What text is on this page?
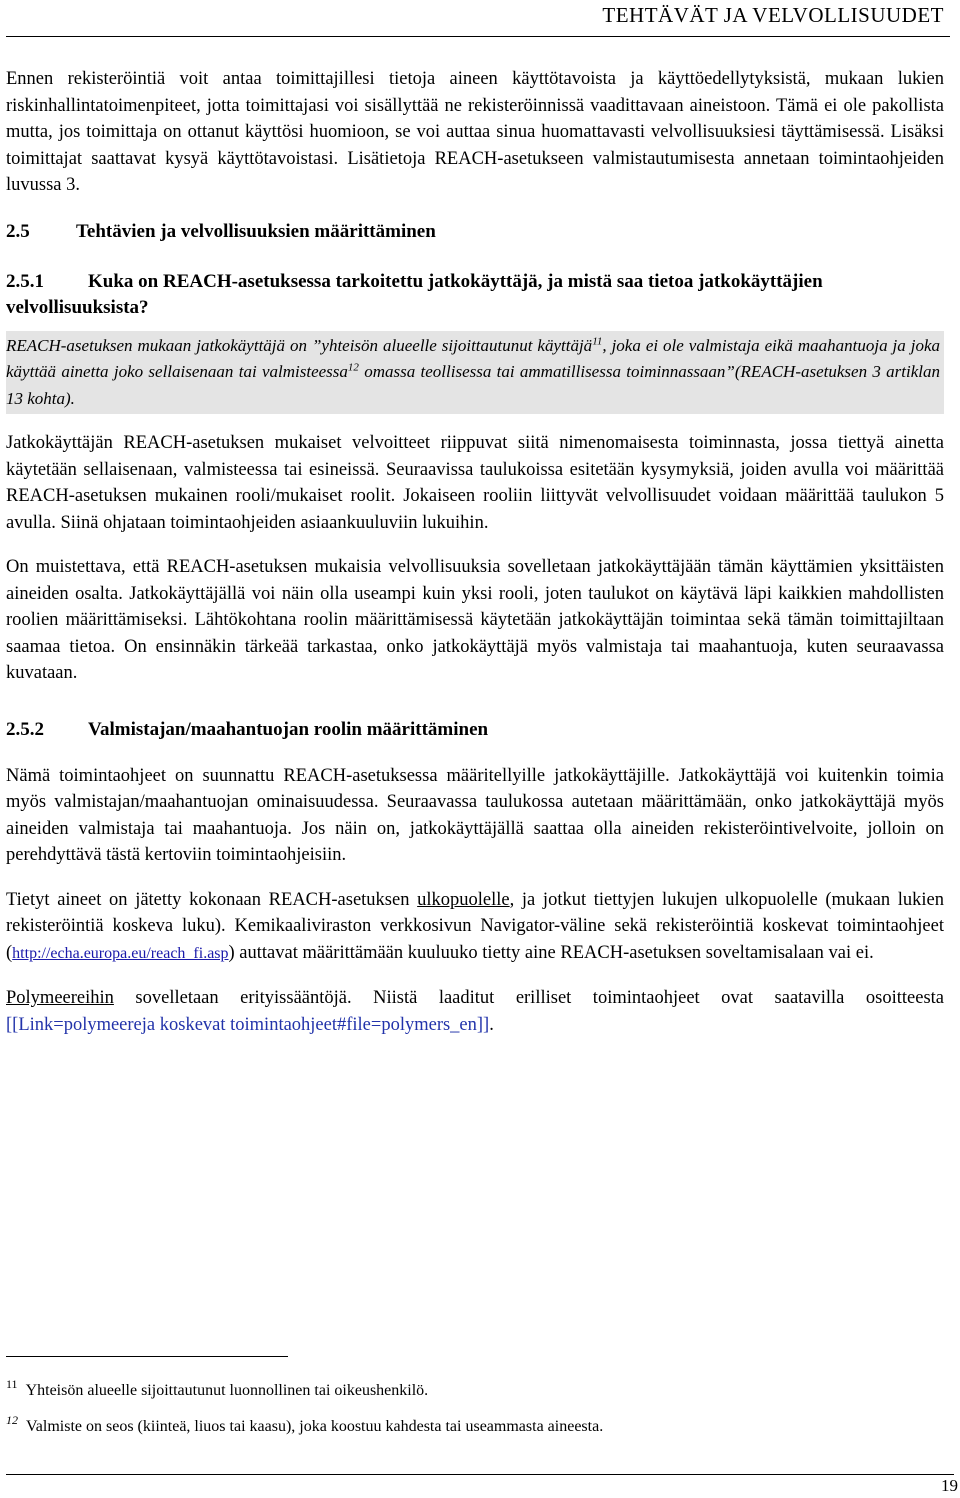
TEHTÄVÄT JA VELVOLLISUUDET

Ennen rekisteröintiä voit antaa toimittajillesi tietoja aineen käyttötavoista ja käyttöedellytyksistä, mukaan lukien riskinhallintatoimenpiteet, jotta toimittajasi voi sisällyttää ne rekisteröinnissä vaadittavaan aineistoon. Tämä ei ole pakollista mutta, jos toimittaja on ottanut käyttösi huomioon, se voi auttaa sinua huomattavasti velvollisuuksiesi täyttämisessä. Lisäksi toimittajat saattavat kysyä käyttötavoistasi. Lisätietoja REACH-asetukseen valmistautumisesta annetaan toimintaohjeiden luvussa 3.

2.5 Tehtävien ja velvollisuuksien määrittäminen
2.5.1 Kuka on REACH-asetuksessa tarkoitettu jatkokäyttäjä, ja mistä saa tietoa jatkokäyttäjien velvollisuuksista?
REACH-asetuksen mukaan jatkokäyttäjä on ”yhteisön alueelle sijoittautunut käyttäjä$^{11}$, joka ei ole valmistaja eikä maahantuoja ja joka käyttää ainetta joko sellaisenaan tai valmisteessa$^{12}$ omassa teollisessa tai ammatillisessa toiminnassaan”(REACH-asetuksen 3 artiklan 13 kohta).

Jatkokäyttäjän REACH-asetuksen mukaiset velvoitteet riippuvat siitä nimenomaisesta toiminnasta, jossa tiettyä ainetta käytetään sellaisenaan, valmisteessa tai esineissä. Seuraavissa taulukoissa esitetään kysymyksiä, joiden avulla voi määrittää REACH-asetuksen mukainen rooli/mukaiset roolit. Jokaiseen rooliin liittyvät velvollisuudet voidaan määrittää taulukon 5 avulla. Siinä ohjataan toimintaohjeiden asiaankuuluviin lukuihin.

On muistettava, että REACH-asetuksen mukaisia velvollisuuksia sovelletaan jatkokäyttäjään tämän käyttämien yksittäisten aineiden osalta. Jatkokäyttäjällä voi näin olla useampi kuin yksi rooli, joten taulukot on käytävä läpi kaikkien mahdollisten roolien määrittämiseksi. Lähtökohtana roolin määrittämisessä käytetään jatkokäyttäjän toimintaa sekä tämän toimittajiltaan saamaa tietoa. On ensinnäkin tärkeää tarkastaa, onko jatkokäyttäjä myös valmistaja tai maahantuoja, kuten seuraavassa kuvataan.

2.5.2 Valmistajan/maahantuojan roolin määrittäminen

Nämä toimintaohjeet on suunnattu REACH-asetuksessa määritellyille jatkokäyttäjille. Jatkokäyttäjä voi kuitenkin toimia myös valmistajan/maahantuojan ominaisuudessa. Seuraavassa taulukossa autetaan määrittämään, onko jatkokäyttäjä myös aineiden valmistaja tai maahantuoja. Jos näin on, jatkokäyttäjällä saattaa olla aineiden rekisteröintivelvoite, jolloin on perehdyttävä tästä kertoviin toimintaohjeisiin.

Tietyt aineet on jätetty kokonaan REACH-asetuksen ulkopuolelle, ja jotkut tiettyjen lukujen ulkopuolelle (mukaan lukien rekisteröintiä koskeva luku). Kemikaaliviraston verkkosivun Navigator-väline sekä rekisteröintiä koskevat toimintaohjeet (http://echa.europa.eu/reach_fi.asp) auttavat määrittämään kuuluuko tietty aine REACH-asetuksen soveltamisalaan vai ei.

Polymeereihin sovelletaan erityissääntöjä. Niistä laaditut erilliset toimintaohjeet ovat saatavilla osoitteesta [[Link=polymeereja koskevat toimintaohjeet#file=polymers_en]].

$^{11}$ Yhteisön alueelle sijoittautunut luonnollinen tai oikeushenkilö.
$^{12}$ Valmiste on seos (kiinteä, liuos tai kaasu), joka koostuu kahdesta tai useammasta aineesta.
19
